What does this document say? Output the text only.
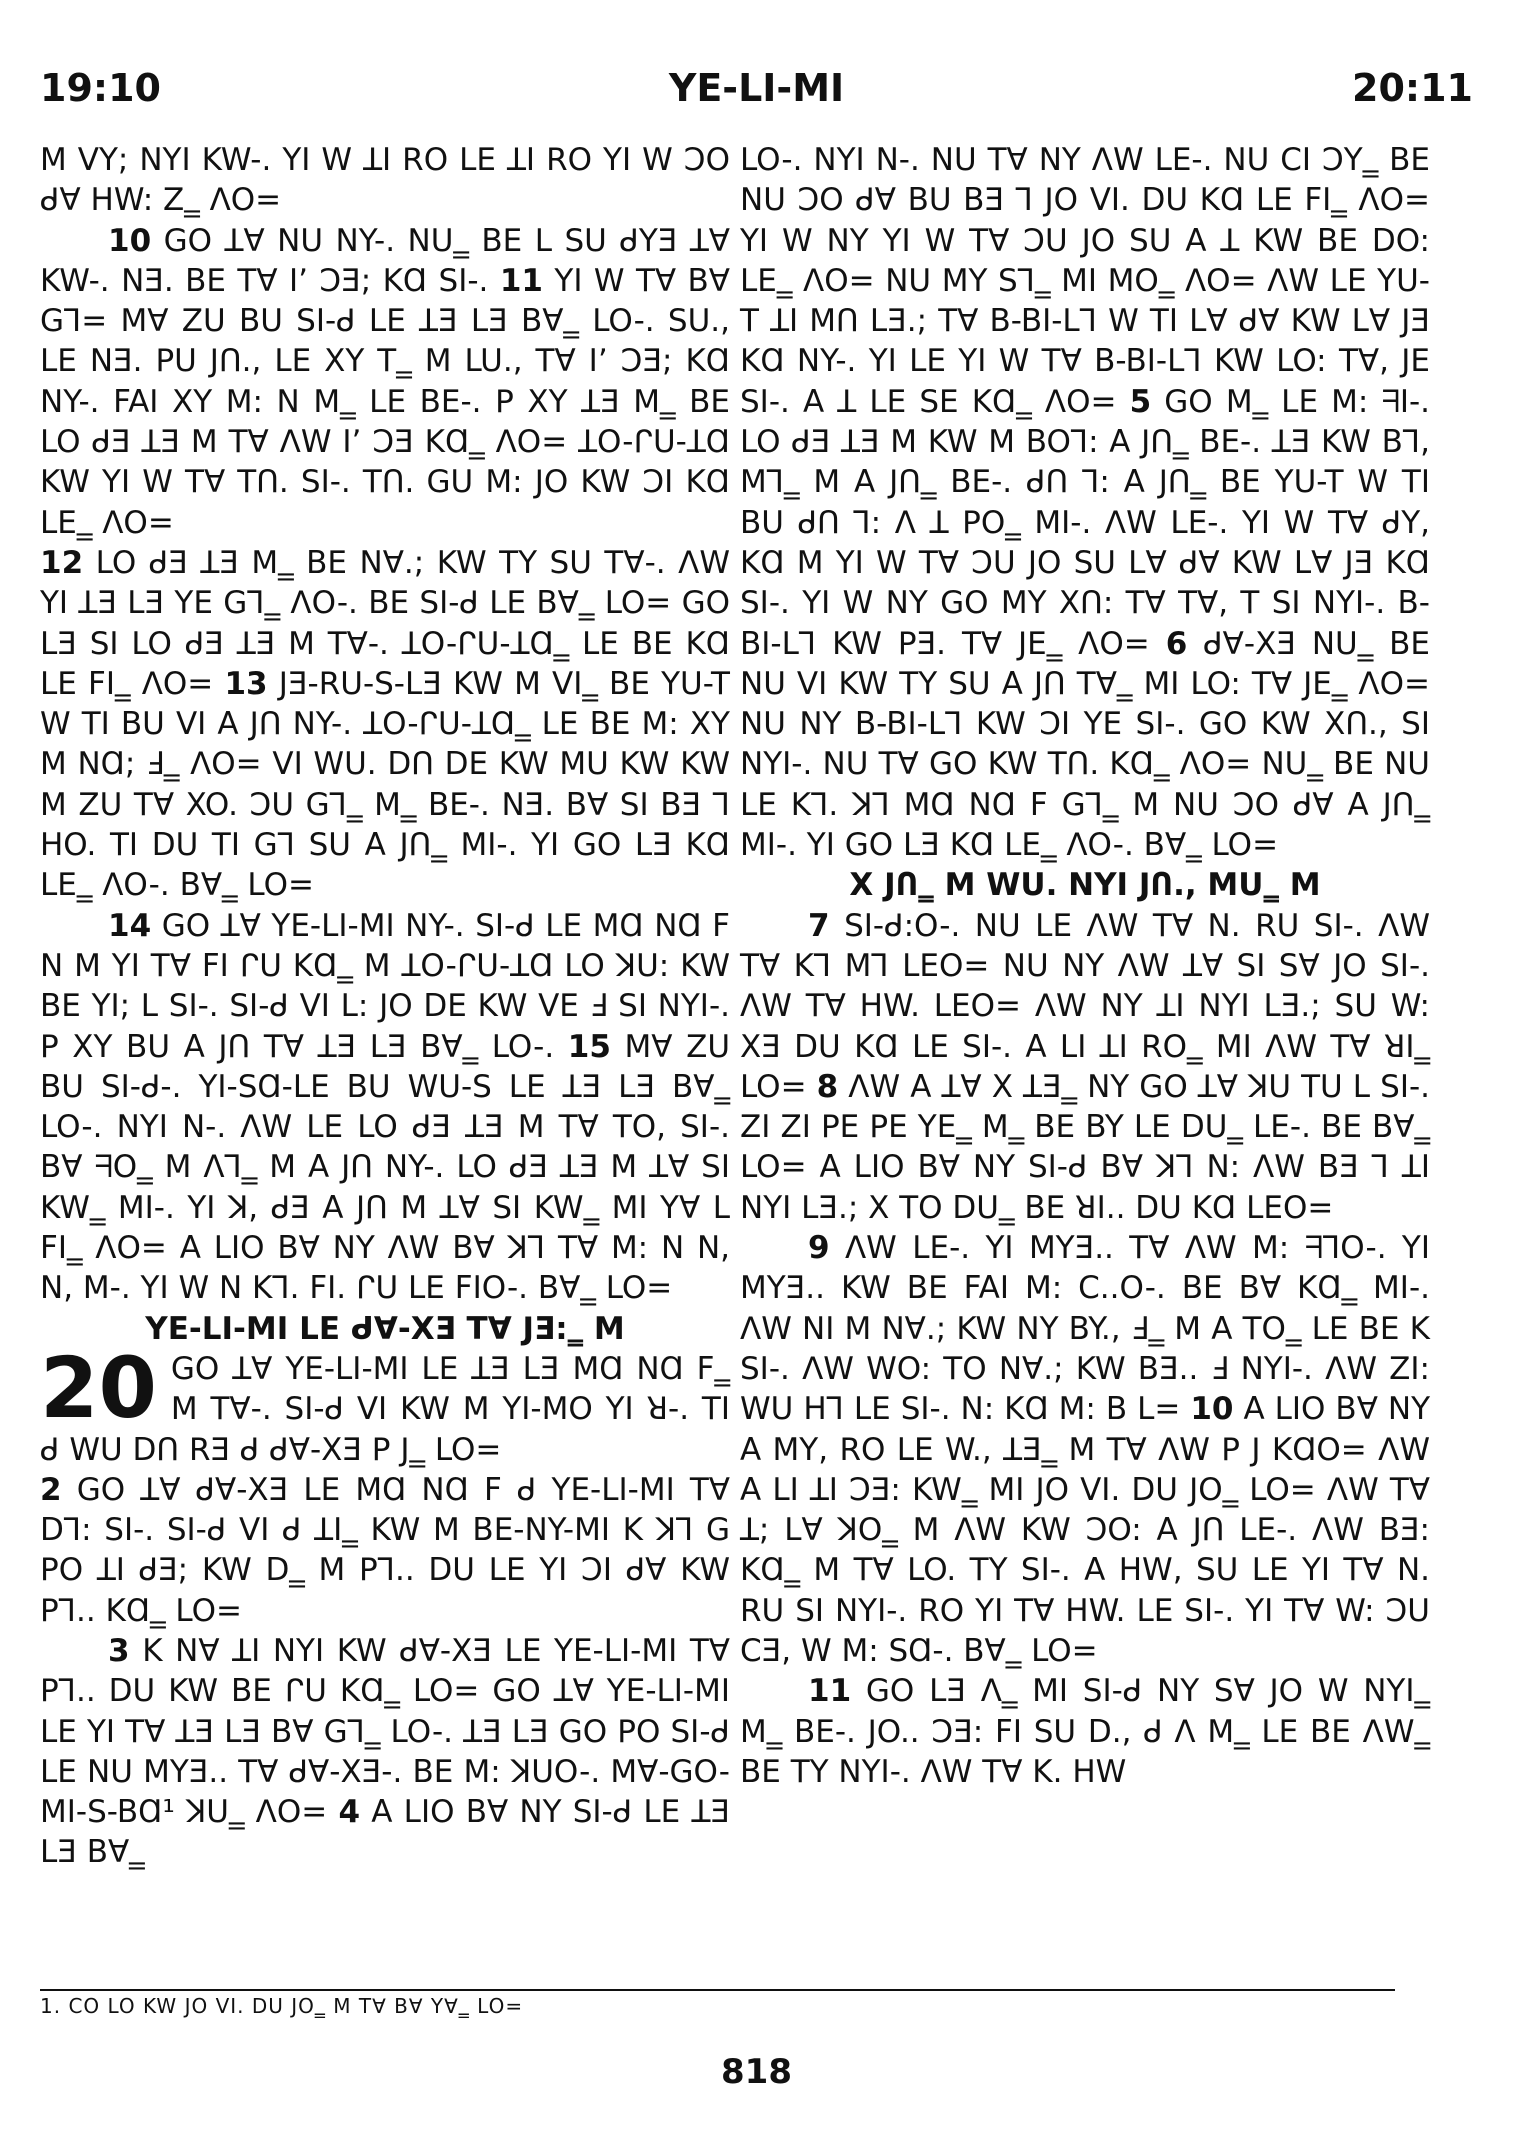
19:10	YE-LI-MI	20:11

M VY; NYI KW-. YI W ꓕI RO LE ꓕI RO YI W ƆO ᑯꓯ HW: Z‗ ꓥO=

10 GO ꓕꓯ NU NY-. NU‗ BE L SU ᑯYƎ ꓕꓯ KW-. NƎ. BE Tꓯ Iʼ ƆƎ; KⱭ SI-. 11 YI W Tꓯ Bꓯ G⅂= Mꓯ ZU BU SI-ᑯ LE ꓕƎ LƎ Bꓯ‗ LO-. SU., LE NƎ. PU JՈ., LE XY T‗ M LU., Tꓯ Iʼ ƆƎ; KⱭ NY-. FAI XY M: N M‗ LE BE-. P XY ꓕƎ M‗ BE LO ᑯƎ ꓕƎ M Tꓯ ꓥW Iʼ ƆƎ KⱭ‗ ꓥO= ꓕO-ᒋU-ꓕⱭ KW YI W Tꓯ TՈ. SI-. TՈ. GU M: JO KW ƆI KⱭ LE‗ ꓥO=

12 LO ᑯƎ ꓕƎ M‗ BE Nꓯ.; KW TY SU Tꓯ-. ꓥW YI ꓕƎ LƎ YE G⅂‗ ꓥO-. BE SI-ᑯ LE Bꓯ‗ LO= GO LƎ SI LO ᑯƎ ꓕƎ M Tꓯ-. ꓕO-ᒋU-ꓕⱭ‗ LE BE KⱭ LE FI‗ ꓥO= 13 JƎ-RU-S-LƎ KW M VI‗ BE YU-T W TI BU VI A JՈ NY-. ꓕO-ᒋU-ꓕⱭ‗ LE BE M: XY M NⱭ; Ⅎ‗ ꓥO= VI WU. DՈ DE KW MU KW KW M ZU Tꓯ XO. ƆU G⅂‗ M‗ BE-. NƎ. Bꓯ SI BƎ ⅂ HO. TI DU TI G⅂ SU A JՈ‗ MI-. YI GO LƎ KⱭ LE‗ ꓥO-. Bꓯ‗ LO=

14 GO ꓕꓯ YE-LI-MI NY-. SI-ᑯ LE MⱭ NⱭ F N M YI Tꓯ FI ᒋU KⱭ‗ M ꓕO-ᒋU-ꓕⱭ LO ꓘU: KW BE YI; L SI-. SI-ᑯ VI L: JO DE KW VE Ⅎ SI NYI-. P XY BU A JՈ Tꓯ ꓕƎ LƎ Bꓯ‗ LO-. 15 Mꓯ ZU BU SI-ᑯ-. YI-SⱭ-LE BU WU-S LE ꓕƎ LƎ Bꓯ‗ LO-. NYI N-. ꓥW LE LO ᑯƎ ꓕƎ M Tꓯ TO, SI-. Bꓯ ᖷO‗ M ꓥ⅂‗ M A JՈ NY-. LO ᑯƎ ꓕƎ M ꓕꓯ SI KW‗ MI-. YI ꓘ, ᑯƎ A JՈ M ꓕꓯ SI KW‗ MI Yꓯ L FI‗ ꓥO= A LIO Bꓯ NY ꓥW Bꓯ ꓘ⅂ Tꓯ M: N N, N, M-. YI W N K⅂. FI. ᒋU LE FIO-. Bꓯ‗ LO=

YE-LI-MI LE ᑯꓯ-XƎ Tꓯ JƎ:‗ M

20 GO ꓕꓯ YE-LI-MI LE ꓕƎ LƎ MⱭ NⱭ F‗ M Tꓯ-. SI-ᑯ VI KW M YI-MO YI ꓤ-. TI ᑯ WU DՈ RƎ ᑯ ᑯꓯ-XƎ P J‗ LO=

2 GO ꓕꓯ ᑯꓯ-XƎ LE MⱭ NⱭ F ᑯ YE-LI-MI Tꓯ D⅂: SI-. SI-ᑯ VI ᑯ ꓕI‗ KW M BE-NY-MI K ꓘ⅂ G PO ꓕI ᑯƎ; KW D‗ M P⅂.. DU LE YI ƆI ᑯꓯ KW P⅂.. KⱭ‗ LO=

3 K Nꓯ ꓕI NYI KW ᑯꓯ-XƎ LE YE-LI-MI Tꓯ P⅂.. DU KW BE ᒋU KⱭ‗ LO= GO ꓕꓯ YE-LI-MI LE YI Tꓯ ꓕƎ LƎ Bꓯ G⅂‗ LO-. ꓕƎ LƎ GO PO SI-ᑯ LE NU MYƎ.. Tꓯ ᑯꓯ-XƎ-. BE M: ꓘUO-. Mꓯ-GO-MI-S-BⱭ¹ ꓘU‗ ꓥO= 4 A LIO Bꓯ NY SI-ᑯ LE ꓕƎ LƎ Bꓯ‗

LO-. NYI N-. NU Tꓯ NY ꓥW LE-. NU CI ƆY‗ BE NU ƆO ᑯꓯ BU BƎ ⅂ JO VI. DU KⱭ LE FI‗ ꓥO= YI W NY YI W Tꓯ ƆU JO SU A ꓕ KW BE DO: LE‗ ꓥO= NU MY S⅂‗ MI MO‗ ꓥO= ꓥW LE YU-T ꓕI MՈ LƎ.; Tꓯ B-BI-L⅂ W TI Lꓯ ᑯꓯ KW Lꓯ JƎ KⱭ NY-. YI LE YI W Tꓯ B-BI-L⅂ KW LO: Tꓯ, JE SI-. A ꓕ LE SE KⱭ‗ ꓥO= 5 GO M‗ LE M: ᖷI-. LO ᑯƎ ꓕƎ M KW M BO⅂: A JՈ‗ BE-. ꓕƎ KW B⅂, M⅂‗ M A JՈ‗ BE-. ᑯՈ ⅂: A JՈ‗ BE YU-T W TI BU ᑯՈ ⅂: ꓥ ꓕ PO‗ MI-. ꓥW LE-. YI W Tꓯ ᑯY, KⱭ M YI W Tꓯ ƆU JO SU Lꓯ ᑯꓯ KW Lꓯ JƎ KⱭ SI-. YI W NY GO MY XՈ: Tꓯ Tꓯ, T SI NYI-. B-BI-L⅂ KW PƎ. Tꓯ JE‗ ꓥO= 6 ᑯꓯ-XƎ NU‗ BE NU VI KW TY SU A JՈ Tꓯ‗ MI LO: Tꓯ JE‗ ꓥO= NU NY B-BI-L⅂ KW ƆI YE SI-. GO KW XՈ., SI NYI-. NU Tꓯ GO KW TՈ. KⱭ‗ ꓥO= NU‗ BE NU LE K⅂. ꓘ⅂ MⱭ NⱭ F G⅂‗ M NU ƆO ᑯꓯ A JՈ‗ MI-. YI GO LƎ KⱭ LE‗ ꓥO-. Bꓯ‗ LO=

X JՈ‗ M WU. NYI JՈ., MU‗ M

7 SI-ᑯ:O-. NU LE ꓥW Tꓯ N. RU SI-. ꓥW Tꓯ K⅂ M⅂ LEO= NU NY ꓥW ꓕꓯ SI Sꓯ JO SI-. ꓥW Tꓯ HW. LEO= ꓥW NY ꓕI NYI LƎ.; SU W: XƎ DU KⱭ LE SI-. A LI ꓕI RO‗ MI ꓥW Tꓯ ꓤI‗ LO= 8 ꓥW A ꓕꓯ X ꓕƎ‗ NY GO ꓕꓯ ꓘU TU L SI-. ZI ZI PE PE YE‗ M‗ BE BY LE DU‗ LE-. BE Bꓯ‗ LO= A LIO Bꓯ NY SI-ᑯ Bꓯ ꓘ⅂ N: ꓥW BƎ ⅂ ꓕI NYI LƎ.; X TO DU‗ BE ꓤI.. DU KⱭ LEO=

9 ꓥW LE-. YI MYƎ.. Tꓯ ꓥW M: ᖷ⅂O-. YI MYƎ.. KW BE FAI M: C..O-. BE Bꓯ KⱭ‗ MI-. ꓥW NI M Nꓯ.; KW NY BY., Ⅎ‗ M A TO‗ LE BE K SI-. ꓥW WO: TO Nꓯ.; KW BƎ.. Ⅎ NYI-. ꓥW ZI: WU H⅂ LE SI-. N: KⱭ M: B L= 10 A LIO Bꓯ NY A MY, RO LE W., ꓕƎ‗ M Tꓯ ꓥW P J KⱭO= ꓥW A LI ꓕI ƆƎ: KW‗ MI JO VI. DU JO‗ LO= ꓥW Tꓯ ꓕ; Lꓯ ꓘO‗ M ꓥW KW ƆO: A JՈ LE-. ꓥW BƎ: KⱭ‗ M Tꓯ LO. TY SI-. A HW, SU LE YI Tꓯ N. RU SI NYI-. RO YI Tꓯ HW. LE SI-. YI Tꓯ W: ƆU CƎ, W M: SⱭ-. Bꓯ‗ LO=

11 GO LƎ ꓥ‗ MI SI-ᑯ NY Sꓯ JO W NYI‗ M‗ BE-. JO.. ƆƎ: FI SU D., ᑯ ꓥ M‗ LE BE ꓥW‗ BE TY NYI-. ꓥW Tꓯ K. HW

1. CO LO KW JO VI. DU JO‗ M Tꓯ Bꓯ Yꓯ‗ LO=
818
